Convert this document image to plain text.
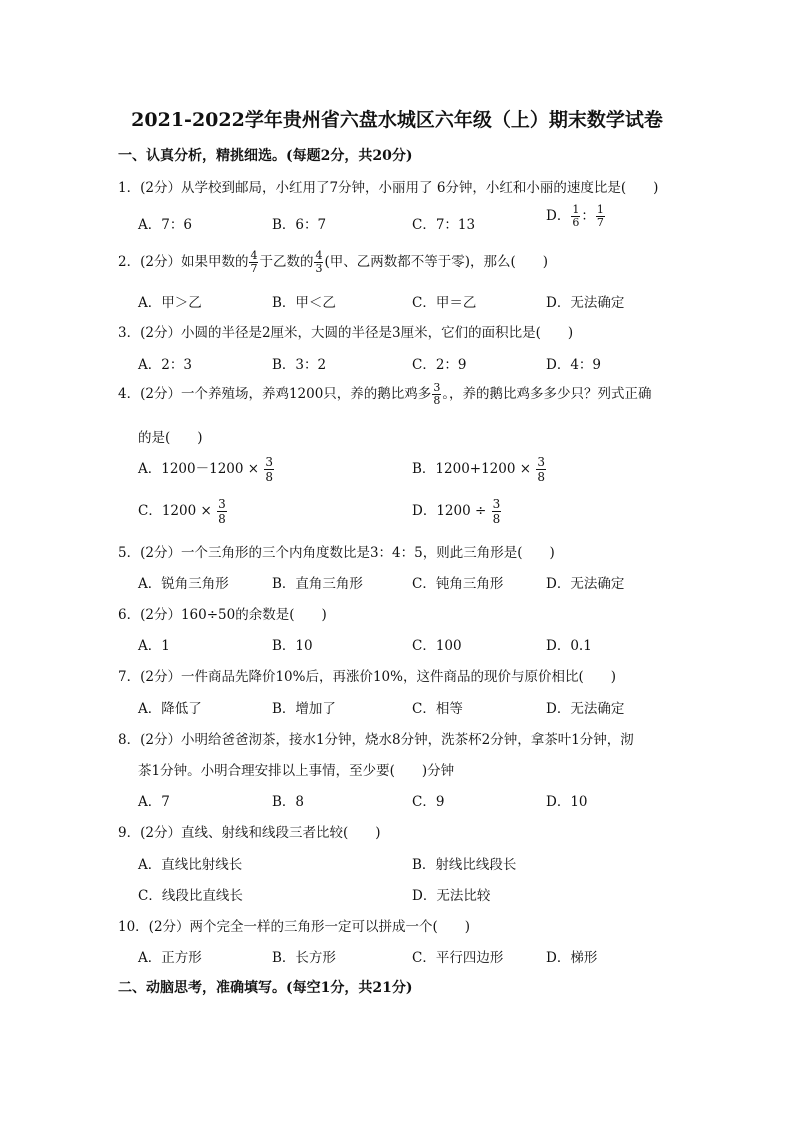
2021-2022学年贵州省六盘水城区六年级（上）期末数学试卷
一、认真分析，精挑细选。(每题2分，共20分)
1．(2分）从学校到邮局，小红用了7分钟，小丽用了 6分钟，小红和小丽的速度比是(　　)
A．7：6	B．6：7	C．7：13
D． $\frac{1}{6}$ ： $\frac{1}{7}$
2．(2分）如果甲数的 $\frac{4}{7}$ 于乙数的 $\frac{4}{3}$ (甲、乙两数都不等于零)，那么(　　)
A．甲＞乙	B．甲＜乙	C．甲＝乙	D．无法确定
3．(2分）小圆的半径是2厘米，大圆的半径是3厘米，它们的面积比是(　　)
A．2：3	B．3：2	C．2：9	D．4：9
4．(2分）一个养殖场，养鸡1200只，养的鹅比鸡多 $\frac{3}{8}$ 。，养的鹅比鸡多多少只？列式正确
的是(　　)
A．$1200-1200 \times \frac{3}{8}$	B．$1200+1200 \times \frac{3}{8}$
C．$1200 \times \frac{3}{8}$	D．$1200 \div \frac{3}{8}$
5．(2分）一个三角形的三个内角度数比是3：4：5，则此三角形是(　　)
A．锐角三角形	B．直角三角形	C．钝角三角形	D．无法确定
6．(2分）160÷50的余数是(　　)
A．1	B．10	C．100	D．0.1
7．(2分）一件商品先降价10%后，再涨价10%，这件商品的现价与原价相比(　　)
A．降低了	B．增加了	C．相等	D．无法确定
8．(2分）小明给爸爸沏茶，接水1分钟，烧水8分钟，洗茶杯2分钟，拿茶叶1分钟，沏
茶1分钟。小明合理安排以上事情，至少要(　　)分钟
A．7	B．8	C．9	D．10
9．(2分）直线、射线和线段三者比较(　　)
A．直线比射线长	B．射线比线段长
C．线段比直线长	D．无法比较
10．(2分）两个完全一样的三角形一定可以拼成一个(　　)
A．正方形	B．长方形	C．平行四边形	D．梯形
二、动脑思考，准确填写。(每空1分，共21分)
